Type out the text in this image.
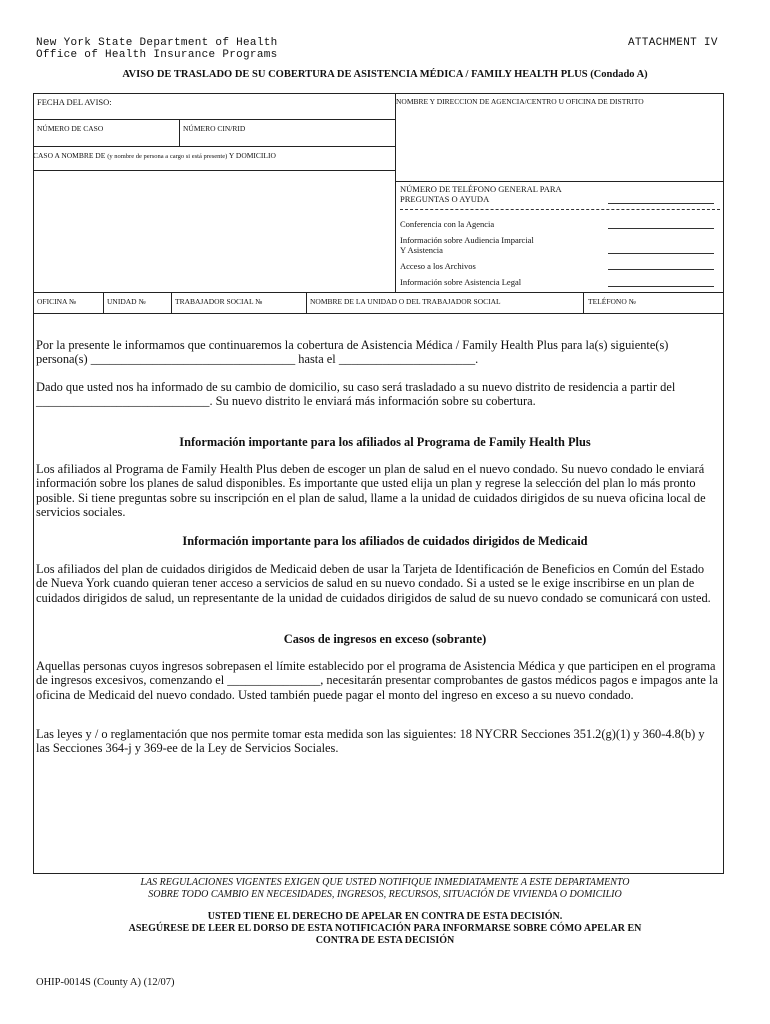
New York State Department of Health
Office of Health Insurance Programs
ATTACHMENT IV
AVISO DE TRASLADO DE SU COBERTURA DE ASISTENCIA MÉDICA / FAMILY HEALTH PLUS (Condado A)
FECHA DEL AVISO:	NOMBRE Y DIRECCION DE AGENCIA/CENTRO U OFICINA DE DISTRITO
NÚMERO DE CASO	NÚMERO CIN/RID
CASO A NOMBRE DE (y nombre de persona a cargo si está presente) Y DOMICILIO
NÚMERO DE TELÉFONO GENERAL PARA
PREGUNTAS O AYUDA
Conferencia con la Agencia
Información sobre Audiencia Imparcial
Y Asistencia
Acceso a los Archivos
Información sobre Asistencia Legal
OFICINA №	UNIDAD №	TRABAJADOR SOCIAL №	NOMBRE DE LA UNIDAD O DEL TRABAJADOR SOCIAL	TELÉFONO №
Por la presente le informamos que continuaremos la cobertura de Asistencia Médica / Family Health Plus para la(s) siguiente(s) persona(s) _________________________________ hasta el ______________________.
Dado que usted nos ha informado de su cambio de domicilio, su caso será trasladado a su nuevo distrito de residencia a partir del ____________________________. Su nuevo distrito le enviará más información sobre su cobertura.
Información importante para los afiliados al Programa de Family Health Plus
Los afiliados al Programa de Family Health Plus deben de escoger un plan de salud en el nuevo condado. Su nuevo condado le enviará información sobre los planes de salud disponibles. Es importante que usted elija un plan y regrese la selección del plan lo más pronto posible. Si tiene preguntas sobre su inscripción en el plan de salud, llame a la unidad de cuidados dirigidos de su nueva oficina local de servicios sociales.
Información importante para los afiliados de cuidados dirigidos de Medicaid
Los afiliados del plan de cuidados dirigidos de Medicaid deben de usar la Tarjeta de Identificación de Beneficios en Común del Estado de Nueva York cuando quieran tener acceso a servicios de salud en su nuevo condado. Si a usted se le exige inscribirse en un plan de cuidados dirigidos de salud, un representante de la unidad de cuidados dirigidos de salud de su nuevo condado se comunicará con usted.
Casos de ingresos en exceso (sobrante)
Aquellas personas cuyos ingresos sobrepasen el límite establecido por el programa de Asistencia Médica y que participen en el programa de ingresos excesivos, comenzando el _______________, necesitarán presentar comprobantes de gastos médicos pagos e impagos ante la oficina de Medicaid del nuevo condado. Usted también puede pagar el monto del ingreso en exceso a su nuevo condado.
Las leyes y / o reglamentación que nos permite tomar esta medida son las siguientes: 18 NYCRR Secciones 351.2(g)(1) y 360-4.8(b) y las Secciones 364-j y 369-ee de la Ley de Servicios Sociales.
LAS REGULACIONES VIGENTES EXIGEN QUE USTED NOTIFIQUE INMEDIATAMENTE A ESTE DEPARTAMENTO
SOBRE TODO CAMBIO EN NECESIDADES, INGRESOS, RECURSOS, SITUACIÓN DE VIVIENDA O DOMICILIO
USTED TIENE EL DERECHO DE APELAR EN CONTRA DE ESTA DECISIÓN.
ASEGÚRESE DE LEER EL DORSO DE ESTA NOTIFICACIÓN PARA INFORMARSE SOBRE CÓMO APELAR EN
CONTRA DE ESTA DECISIÓN
OHIP-0014S (County A) (12/07)
